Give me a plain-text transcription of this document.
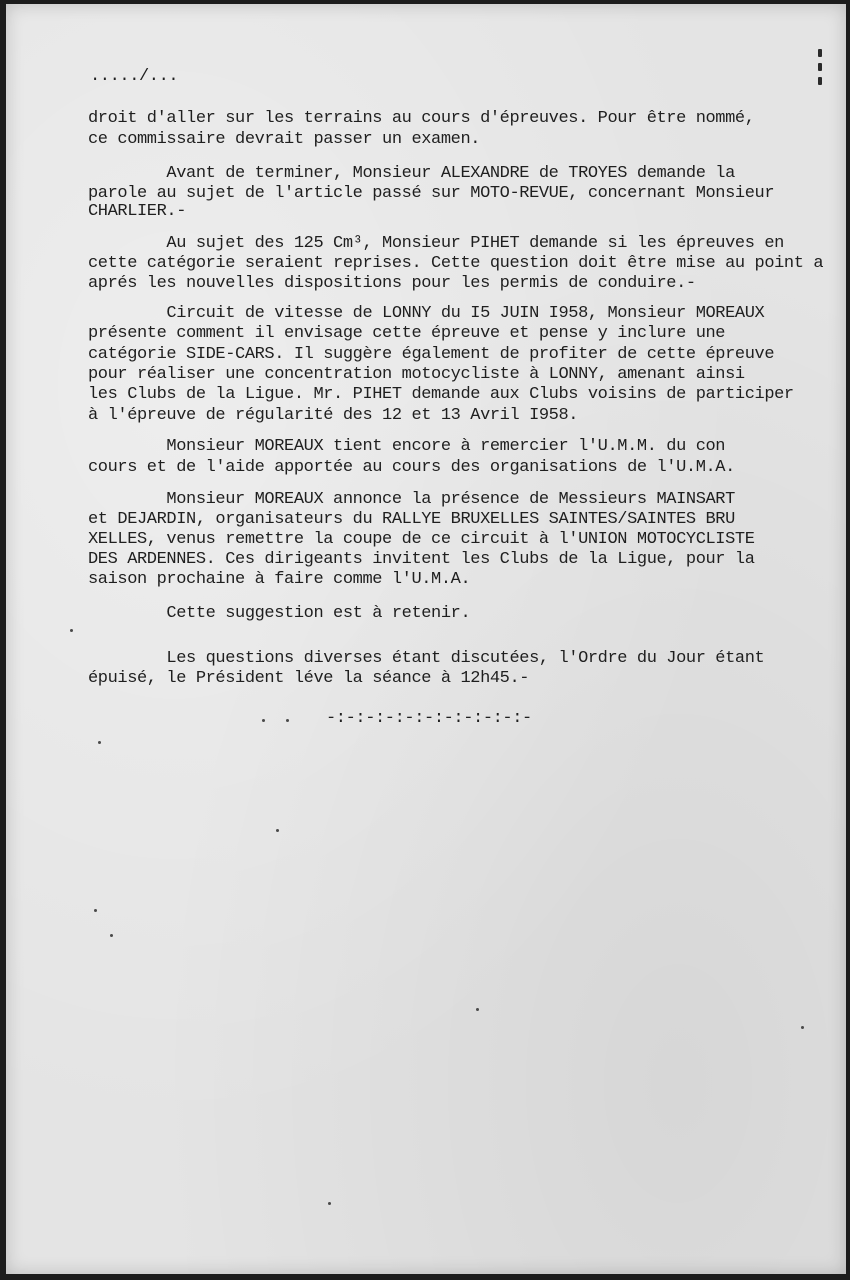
...../...
droit d'aller sur les terrains au cours d'épreuves. Pour être nommé,
ce commissaire devrait passer un examen.
Avant de terminer, Monsieur ALEXANDRE de TROYES demande la
parole au sujet de l'article passé sur MOTO-REVUE, concernant Monsieur
CHARLIER.-
Au sujet des 125 Cm³, Monsieur PIHET demande si les épreuves en
cette catégorie seraient reprises. Cette question doit être mise au point a
aprés les nouvelles dispositions pour les permis de conduire.-
Circuit de vitesse de LONNY du I5 JUIN I958, Monsieur MOREAUX
présente comment il envisage cette épreuve et pense y inclure une
catégorie SIDE-CARS. Il suggère également de profiter de cette épreuve
pour réaliser une concentration motocycliste à LONNY, amenant ainsi
les Clubs de la Ligue. Mr. PIHET demande aux Clubs voisins de participer
à l'épreuve de régularité des 12 et 13 Avril I958.
Monsieur MOREAUX tient encore à remercier l'U.M.M. du con
cours et de l'aide apportée au cours des organisations de l'U.M.A.
Monsieur MOREAUX annonce la présence de Messieurs MAINSART
et DEJARDIN, organisateurs du RALLYE BRUXELLES SAINTES/SAINTES BRU
XELLES, venus remettre la coupe de ce circuit à l'UNION MOTOCYCLISTE
DES ARDENNES. Ces dirigeants invitent les Clubs de la Ligue, pour la
saison prochaine à faire comme l'U.M.A.
Cette suggestion est à retenir.
Les questions diverses étant discutées, l'Ordre du Jour étant
épuisé, le Président léve la séance à 12h45.-
-:-:-:-:-:-:-:-:-:-:-
